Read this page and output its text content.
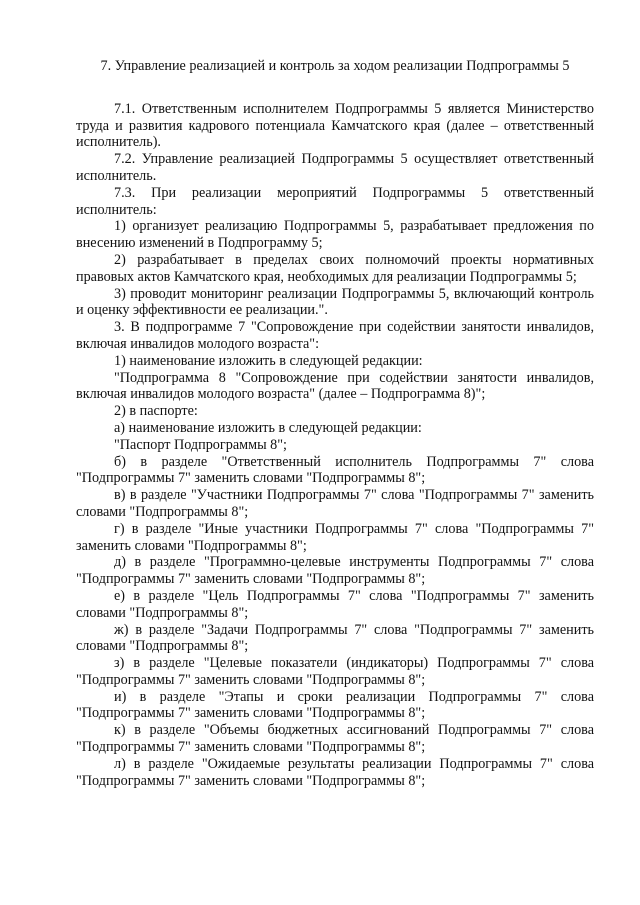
7. Управление реализацией и контроль за ходом реализации Подпрограммы 5

7.1. Ответственным исполнителем Подпрограммы 5 является Министерство труда и развития кадрового потенциала Камчатского края (далее – ответственный исполнитель).

7.2. Управление реализацией Подпрограммы 5 осуществляет ответственный исполнитель.

7.3. При реализации мероприятий Подпрограммы 5 ответственный исполнитель:

1) организует реализацию Подпрограммы 5, разрабатывает предложения по внесению изменений в Подпрограмму 5;

2) разрабатывает в пределах своих полномочий проекты нормативных правовых актов Камчатского края, необходимых для реализации Подпрограммы 5;

3) проводит мониторинг реализации Подпрограммы 5, включающий контроль и оценку эффективности ее реализации.".

3. В подпрограмме 7 "Сопровождение при содействии занятости инвалидов, включая инвалидов молодого возраста":

1) наименование изложить в следующей редакции:

"Подпрограмма 8 "Сопровождение при содействии занятости инвалидов, включая инвалидов молодого возраста" (далее – Подпрограмма 8)";

2) в паспорте:

а) наименование изложить в следующей редакции:

"Паспорт Подпрограммы 8";

б) в разделе "Ответственный исполнитель Подпрограммы 7" слова "Подпрограммы 7" заменить словами "Подпрограммы 8";

в) в разделе "Участники Подпрограммы 7" слова "Подпрограммы 7" заменить словами "Подпрограммы 8";

г) в разделе "Иные участники Подпрограммы 7" слова "Подпрограммы 7" заменить словами "Подпрограммы 8";

д) в разделе "Программно-целевые инструменты Подпрограммы 7" слова "Подпрограммы 7" заменить словами "Подпрограммы 8";

е) в разделе "Цель Подпрограммы 7" слова "Подпрограммы 7" заменить словами "Подпрограммы 8";

ж) в разделе "Задачи Подпрограммы 7" слова "Подпрограммы 7" заменить словами "Подпрограммы 8";

з) в разделе "Целевые показатели (индикаторы) Подпрограммы 7" слова "Подпрограммы 7" заменить словами "Подпрограммы 8";

и) в разделе "Этапы и сроки реализации Подпрограммы 7" слова "Подпрограммы 7" заменить словами "Подпрограммы 8";

к) в разделе "Объемы бюджетных ассигнований Подпрограммы 7" слова "Подпрограммы 7" заменить словами "Подпрограммы 8";

л) в разделе "Ожидаемые результаты реализации Подпрограммы 7" слова "Подпрограммы 7" заменить словами "Подпрограммы 8";
